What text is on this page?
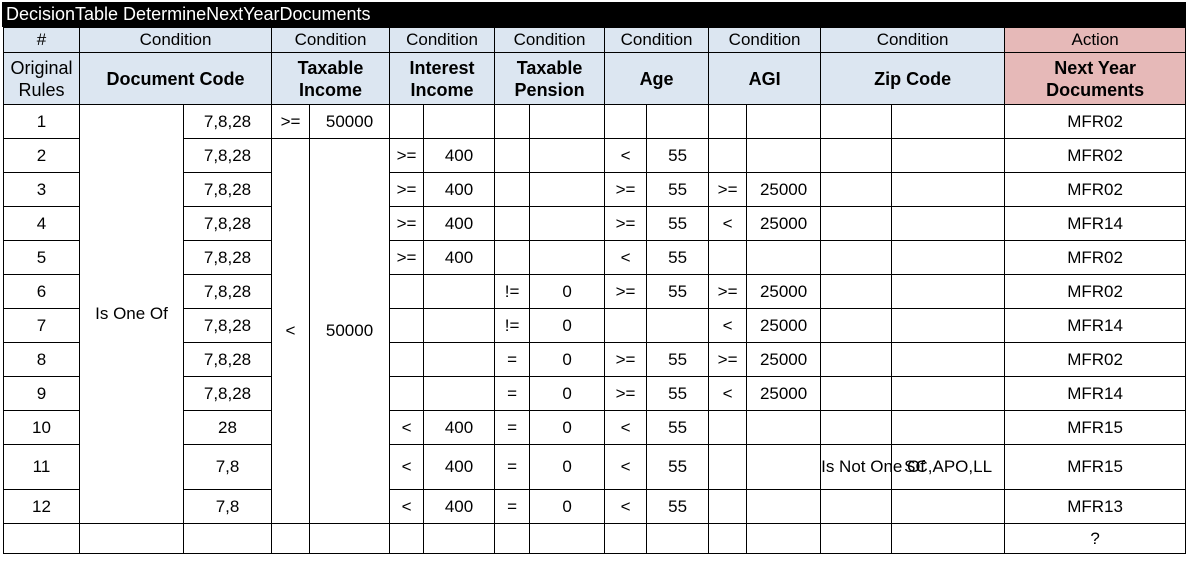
DecisionTable DetermineNextYearDocuments
#	Condition		Condition		Condition		Condition		Condition		Condition		Condition		Action
Original Rules	Document Code		Taxable Income		Interest Income		Taxable Pension		Age		AGI		Zip Code		Next Year Documents
1	Is One Of	7,8,28	>=	50000											MFR02
2		7,8,28	<	50000	>=	400			<	55					MFR02
3		7,8,28			>=	400			>=	55	>=	25000			MFR02
4		7,8,28			>=	400			>=	55	<	25000			MFR14
5		7,8,28			>=	400			<	55					MFR02
6		7,8,28					!=	0	>=	55	>=	25000			MFR02
7		7,8,28					!=	0			<	25000			MFR14
8		7,8,28					=	0	>=	55	>=	25000			MFR02
9		7,8,28					=	0	>=	55	<	25000			MFR14
10		28			<	400	=	0	<	55					MFR15
11		7,8			<	400	=	0	<	55			Is Not One Of	SC,APO,LL	MFR15
12		7,8			<	400	=	0	<	55					MFR13
															?
